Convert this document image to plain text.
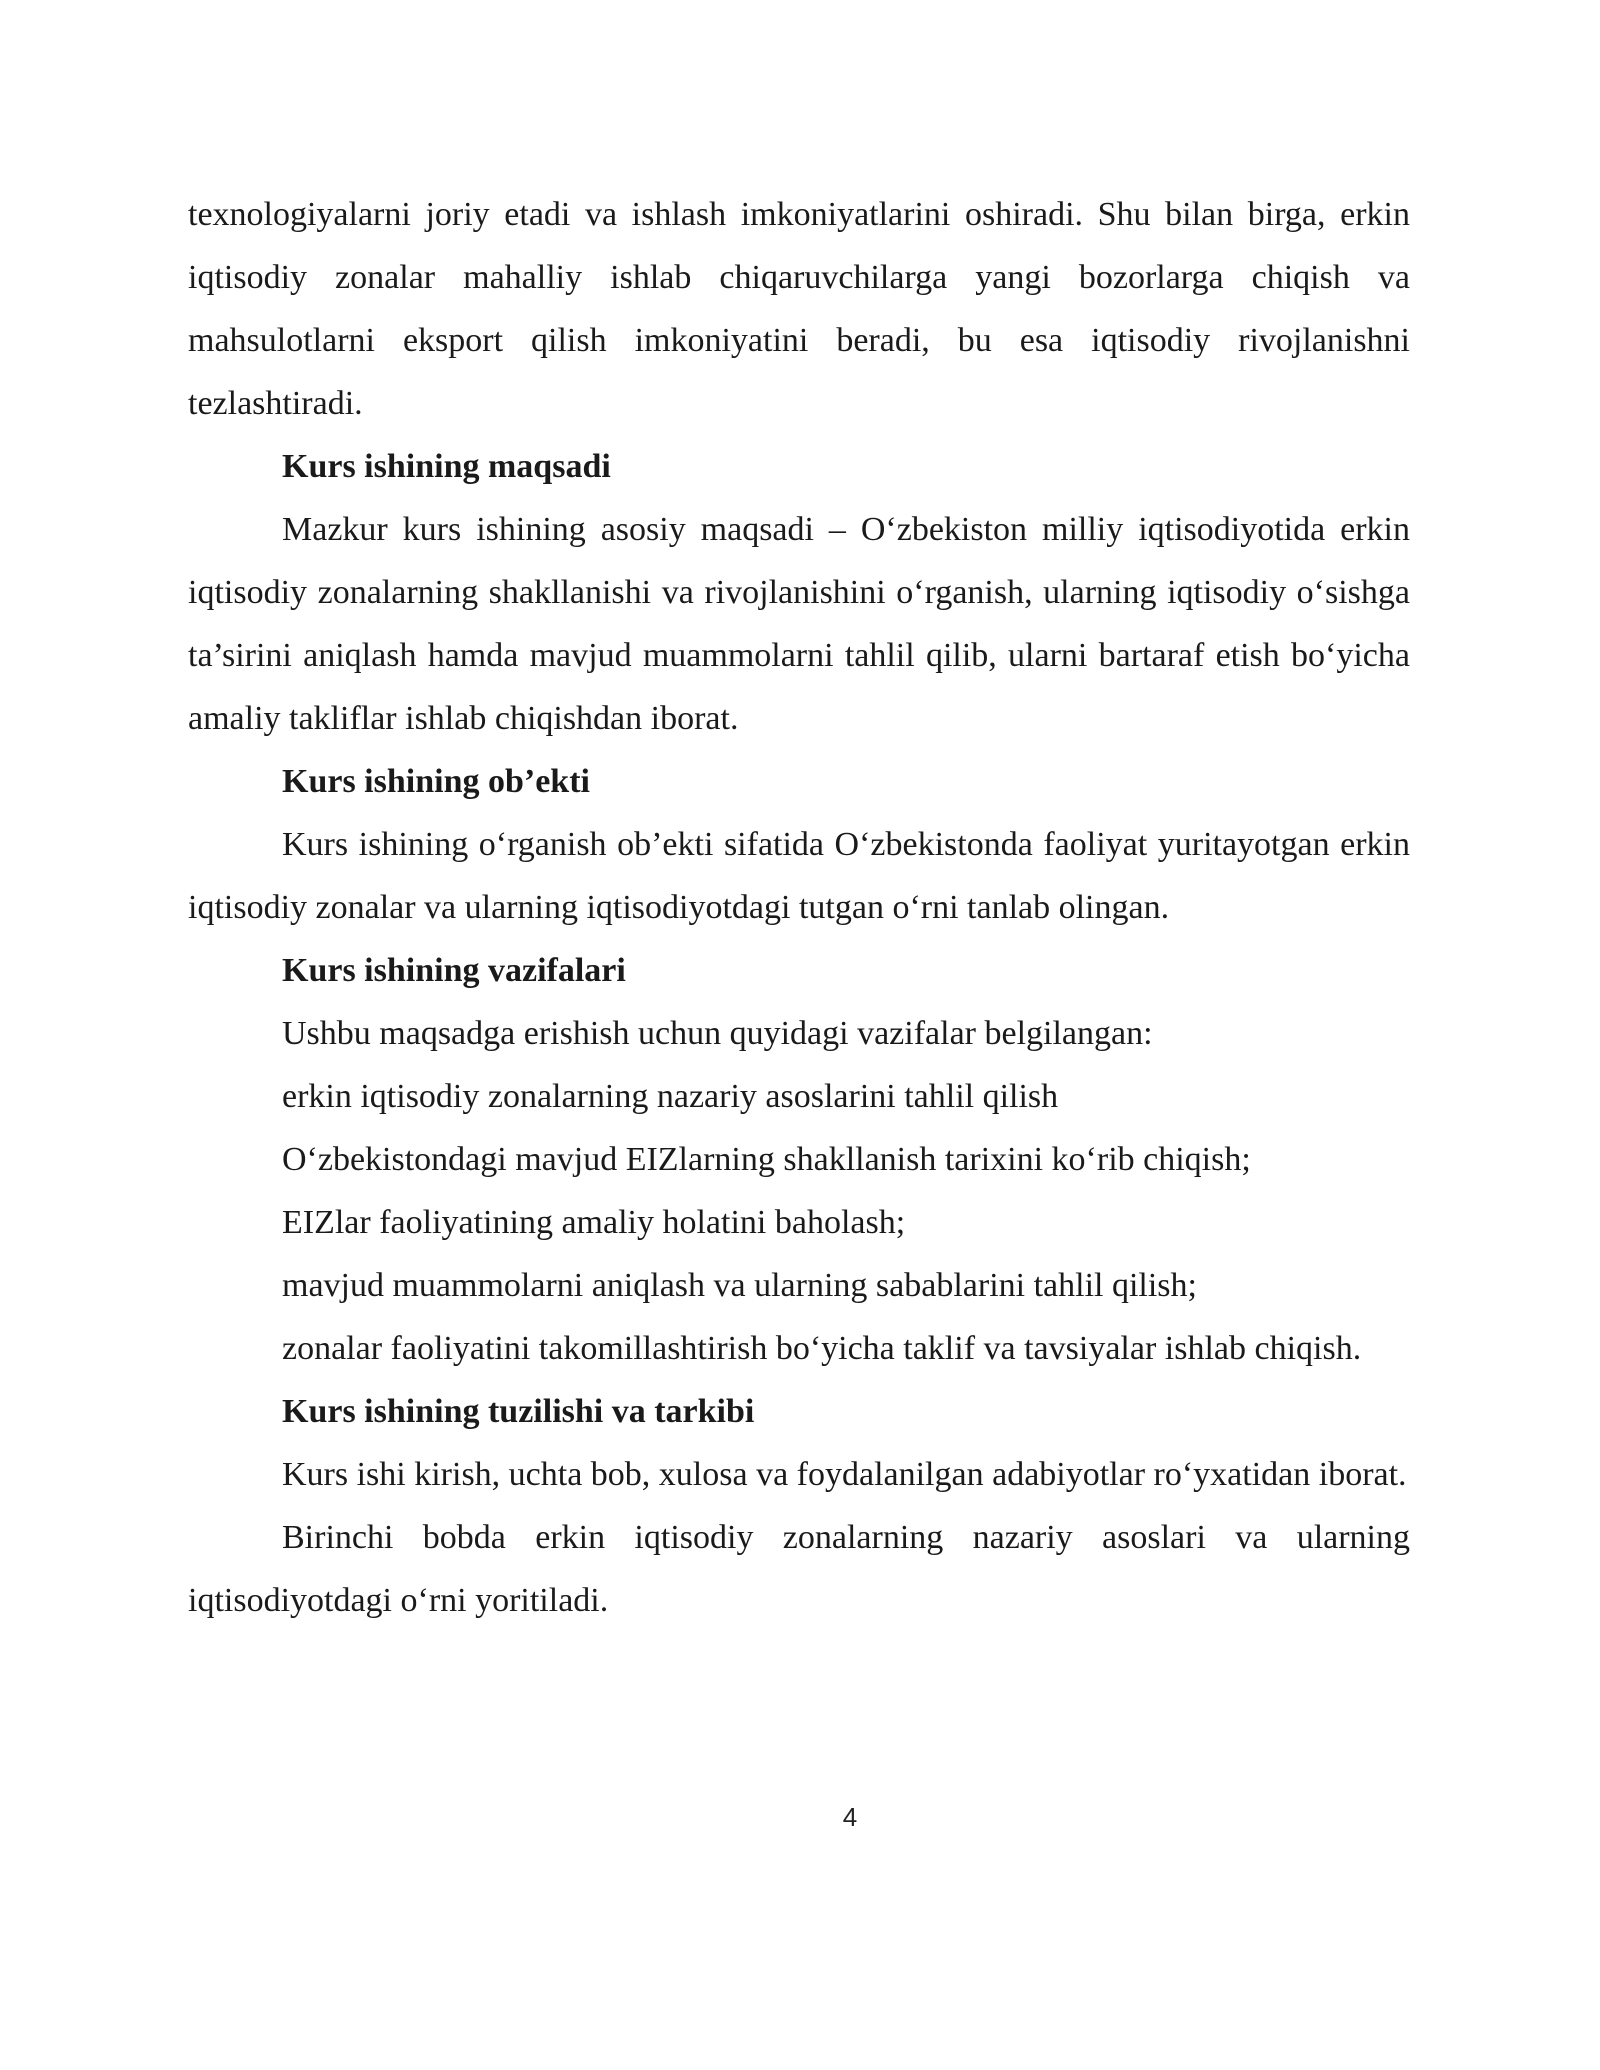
texnologiyalarni joriy etadi va ishlash imkoniyatlarini oshiradi. Shu bilan birga, erkin iqtisodiy zonalar mahalliy ishlab chiqaruvchilarga yangi bozorlarga chiqish va mahsulotlarni eksport qilish imkoniyatini beradi, bu esa iqtisodiy rivojlanishni tezlashtiradi.

Kurs ishining maqsadi

Mazkur kurs ishining asosiy maqsadi – O‘zbekiston milliy iqtisodiyotida erkin iqtisodiy zonalarning shakllanishi va rivojlanishini o‘rganish, ularning iqtisodiy o‘sishga ta’sirini aniqlash hamda mavjud muammolarni tahlil qilib, ularni bartaraf etish bo‘yicha amaliy takliflar ishlab chiqishdan iborat.

Kurs ishining ob’ekti

Kurs ishining o‘rganish ob’ekti sifatida O‘zbekistonda faoliyat yuritayotgan erkin iqtisodiy zonalar va ularning iqtisodiyotdagi tutgan o‘rni tanlab olingan.

Kurs ishining vazifalari

Ushbu maqsadga erishish uchun quyidagi vazifalar belgilangan:

erkin iqtisodiy zonalarning nazariy asoslarini tahlil qilish

O‘zbekistondagi mavjud EIZlarning shakllanish tarixini ko‘rib chiqish;

EIZlar faoliyatining amaliy holatini baholash;

mavjud muammolarni aniqlash va ularning sabablarini tahlil qilish;

zonalar faoliyatini takomillashtirish bo‘yicha taklif va tavsiyalar ishlab chiqish.

Kurs ishining tuzilishi va tarkibi

Kurs ishi kirish, uchta bob, xulosa va foydalanilgan adabiyotlar ro‘yxatidan iborat.

Birinchi bobda erkin iqtisodiy zonalarning nazariy asoslari va ularning iqtisodiyotdagi o‘rni yoritiladi.

4
